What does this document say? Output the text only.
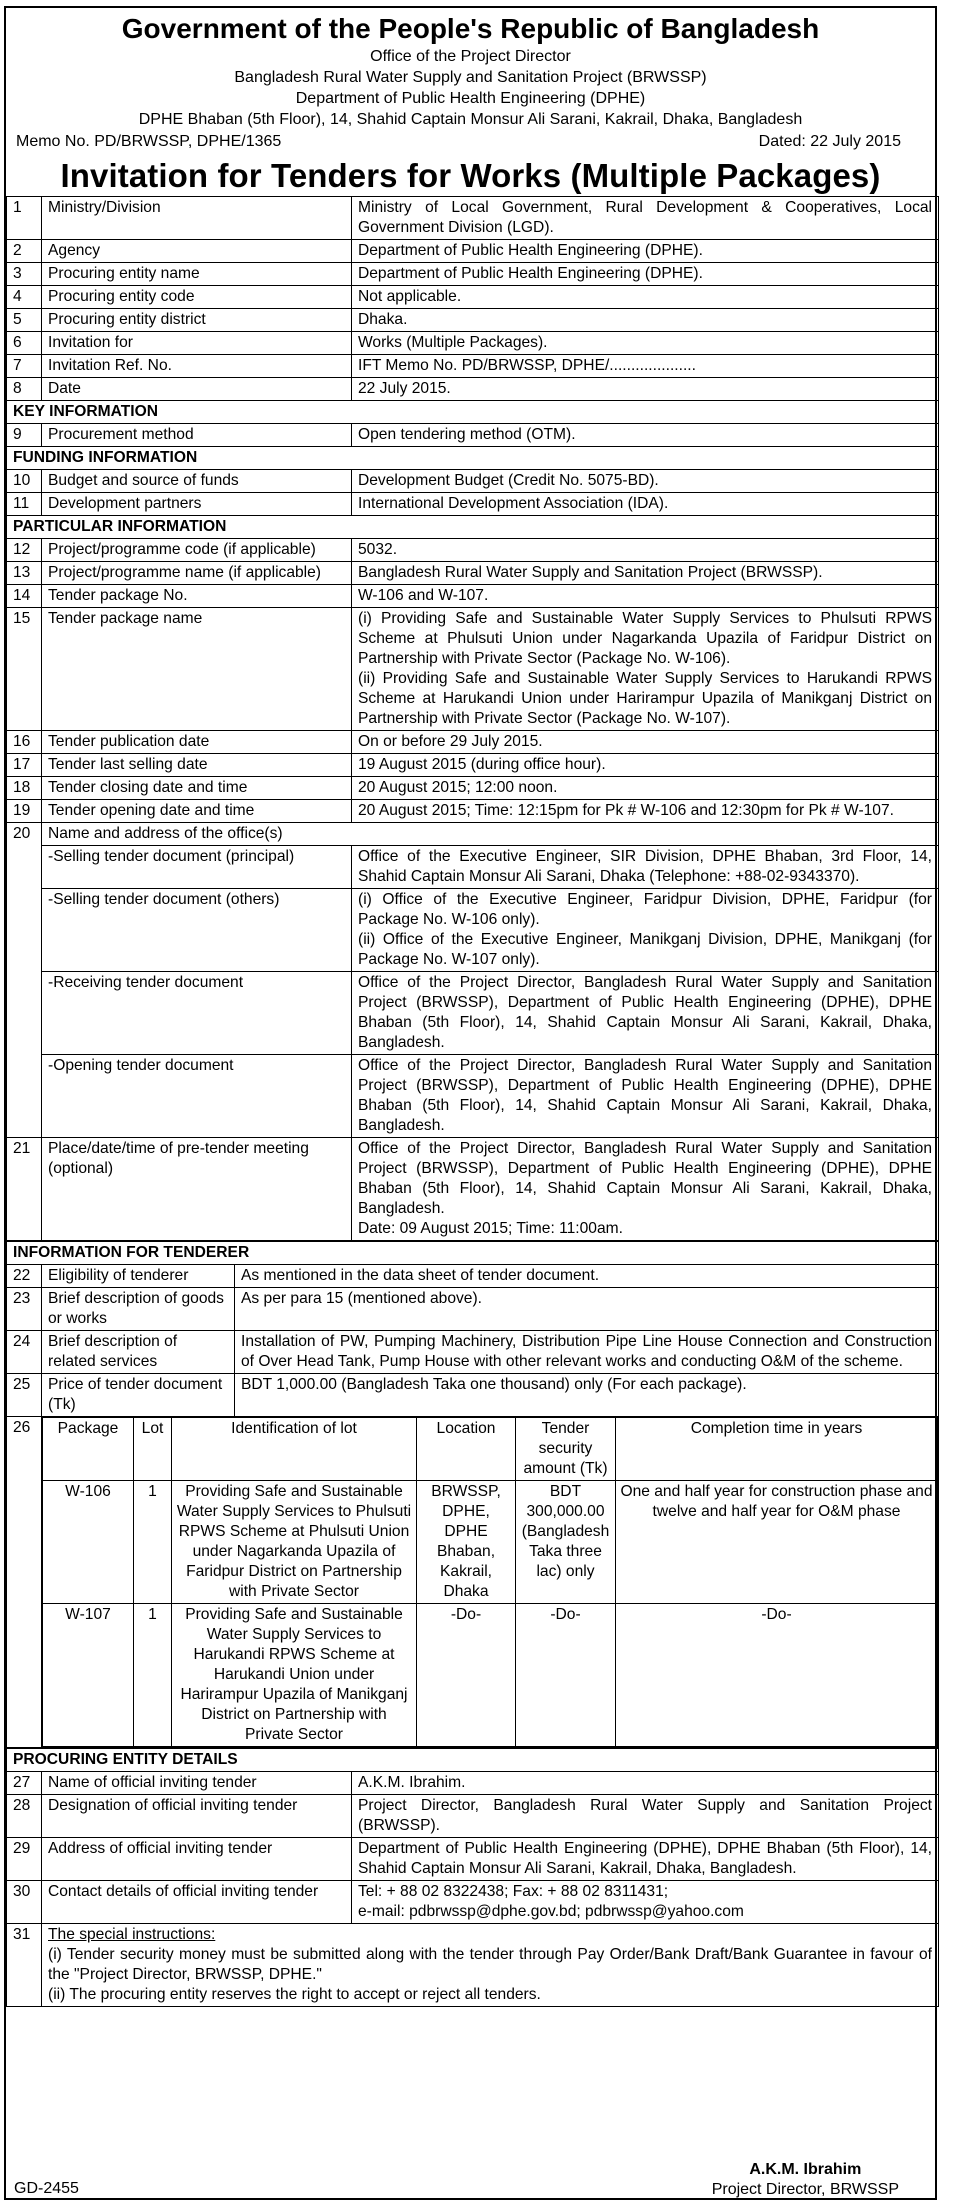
Government of the People's Republic of Bangladesh
Office of the Project Director
Bangladesh Rural Water Supply and Sanitation Project (BRWSSP)
Department of Public Health Engineering (DPHE)
DPHE Bhaban (5th Floor), 14, Shahid Captain Monsur Ali Sarani, Kakrail, Dhaka, Bangladesh
Memo No. PD/BRWSSP, DPHE/1365	Dated: 22 July 2015
Invitation for Tenders for Works (Multiple Packages)
1	Ministry/Division	Ministry of Local Government, Rural Development & Cooperatives, Local Government Division (LGD).
2	Agency	Department of Public Health Engineering (DPHE).
3	Procuring entity name	Department of Public Health Engineering (DPHE).
4	Procuring entity code	Not applicable.
5	Procuring entity district	Dhaka.
6	Invitation for	Works (Multiple Packages).
7	Invitation Ref. No.	IFT Memo No. PD/BRWSSP, DPHE/....................
8	Date	22 July 2015.
KEY INFORMATION		
9	Procurement method	Open tendering method (OTM).
FUNDING INFORMATION		
10	Budget and source of funds	Development Budget (Credit No. 5075-BD).
11	Development partners	International Development Association (IDA).
PARTICULAR INFORMATION		
12	Project/programme code (if applicable)	5032.
13	Project/programme name (if applicable)	Bangladesh Rural Water Supply and Sanitation Project (BRWSSP).
14	Tender package No.	W-106 and W-107.
15	Tender package name	(i) Providing Safe and Sustainable Water Supply Services to Phulsuti RPWS Scheme at Phulsuti Union under Nagarkanda Upazila of Faridpur District on Partnership with Private Sector (Package No. W-106).
(ii) Providing Safe and Sustainable Water Supply Services to Harukandi RPWS Scheme at Harukandi Union under Harirampur Upazila of Manikganj District on Partnership with Private Sector (Package No. W-107).

16	Tender publication date	On or before 29 July 2015.
17	Tender last selling date	19 August 2015 (during office hour).
18	Tender closing date and time	20 August 2015; 12:00 noon.
19	Tender opening date and time	20 August 2015; Time: 12:15pm for Pk # W-106 and 12:30pm for Pk # W-107.
20	Name and address of the office(s)	
	-Selling tender document (principal)	Office of the Executive Engineer, SIR Division, DPHE Bhaban, 3rd Floor, 14, Shahid Captain Monsur Ali Sarani, Dhaka (Telephone: +88-02-9343370).
	-Selling tender document (others)	(i) Office of the Executive Engineer, Faridpur Division, DPHE, Faridpur (for Package No. W-106 only).
(ii) Office of the Executive Engineer, Manikganj Division, DPHE, Manikganj (for Package No. W-107 only).

	-Receiving tender document	Office of the Project Director, Bangladesh Rural Water Supply and Sanitation Project (BRWSSP), Department of Public Health Engineering (DPHE), DPHE Bhaban (5th Floor), 14, Shahid Captain Monsur Ali Sarani, Kakrail, Dhaka, Bangladesh.
	-Opening tender document	Office of the Project Director, Bangladesh Rural Water Supply and Sanitation Project (BRWSSP), Department of Public Health Engineering (DPHE), DPHE Bhaban (5th Floor), 14, Shahid Captain Monsur Ali Sarani, Kakrail, Dhaka, Bangladesh.
21	Place/date/time of pre-tender meeting (optional)	Office of the Project Director, Bangladesh Rural Water Supply and Sanitation Project (BRWSSP), Department of Public Health Engineering (DPHE), DPHE Bhaban (5th Floor), 14, Shahid Captain Monsur Ali Sarani, Kakrail, Dhaka, Bangladesh.
Date: 09 August 2015; Time: 11:00am.
INFORMATION FOR TENDERER
22	Eligibility of tenderer	As mentioned in the data sheet of tender document.
23	Brief description of goods or works	As per para 15 (mentioned above).
24	Brief description of related services	Installation of PW, Pumping Machinery, Distribution Pipe Line House Connection and Construction of Over Head Tank, Pump House with other relevant works and conducting O&M of the scheme.
25	Price of tender document (Tk)	BDT 1,000.00 (Bangladesh Taka one thousand) only (For each package).
26	Package	Lot	Identification of lot	Location	Tender security amount (Tk)	Completion time in years
W-106	1	Providing Safe and Sustainable Water Supply Services to Phulsuti RPWS Scheme at Phulsuti Union under Nagarkanda Upazila of Faridpur District on Partnership with Private Sector	BRWSSP, DPHE, DPHE Bhaban, Kakrail, Dhaka	BDT 300,000.00 (Bangladesh Taka three lac) only	One and half year for construction phase and twelve and half year for O&M phase
W-107	1	Providing Safe and Sustainable Water Supply Services to Harukandi RPWS Scheme at Harukandi Union under Harirampur Upazila of Manikganj District on Partnership with Private Sector	-Do-	-Do-	-Do-
PROCURING ENTITY DETAILS		
27	Name of official inviting tender	A.K.M. Ibrahim.
28	Designation of official inviting tender	Project Director, Bangladesh Rural Water Supply and Sanitation Project (BRWSSP).
29	Address of official inviting tender	Department of Public Health Engineering (DPHE), DPHE Bhaban (5th Floor), 14, Shahid Captain Monsur Ali Sarani, Kakrail, Dhaka, Bangladesh.
30	Contact details of official inviting tender	Tel: + 88 02 8322438; Fax: + 88 02 8311431;
e-mail: pdbrwssp@dphe.gov.bd; pdbrwssp@yahoo.com

31	The special instructions:
(i) Tender security money must be submitted along with the tender through Pay Order/Bank Draft/Bank Guarantee in favour of the "Project Director, BRWSSP, DPHE."
(ii) The procuring entity reserves the right to accept or reject all tenders.	
GD-2455
A.K.M. Ibrahim
Project Director, BRWSSP
